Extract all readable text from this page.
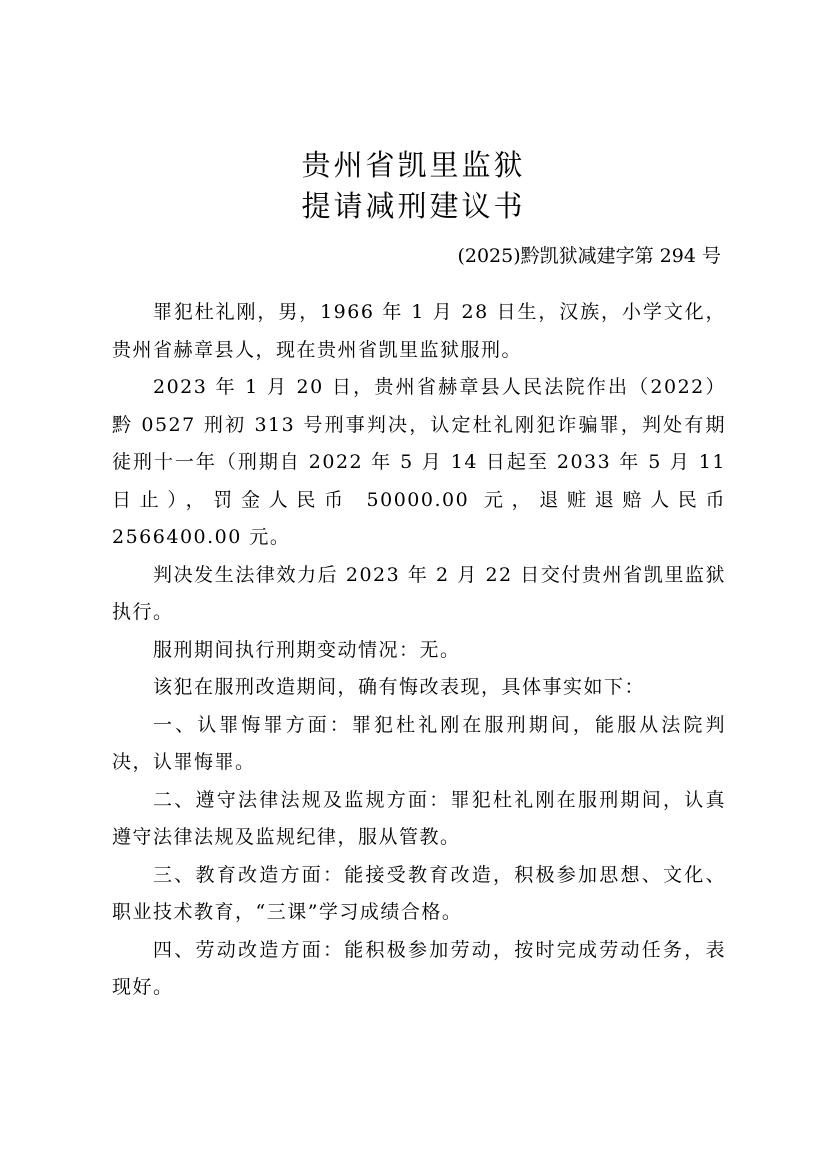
贵州省凯里监狱
提请减刑建议书
(2025)黔凯狱减建字第 294 号

罪犯杜礼刚，男，1966 年 1 月 28 日生，汉族，小学文化，贵州省赫章县人，现在贵州省凯里监狱服刑。

2023 年 1 月 20 日，贵州省赫章县人民法院作出（2022）黔 0527 刑初 313 号刑事判决，认定杜礼刚犯诈骗罪，判处有期徒刑十一年（刑期自 2022 年 5 月 14 日起至 2033 年 5 月 11 日止），罚金人民币 50000.00 元，退赃退赔人民币 2566400.00 元。

判决发生法律效力后 2023 年 2 月 22 日交付贵州省凯里监狱执行。

服刑期间执行刑期变动情况：无。

该犯在服刑改造期间，确有悔改表现，具体事实如下：

一、认罪悔罪方面：罪犯杜礼刚在服刑期间，能服从法院判决，认罪悔罪。

二、遵守法律法规及监规方面：罪犯杜礼刚在服刑期间，认真遵守法律法规及监规纪律，服从管教。

三、教育改造方面：能接受教育改造，积极参加思想、文化、职业技术教育，“三课”学习成绩合格。

四、劳动改造方面：能积极参加劳动，按时完成劳动任务，表现好。
